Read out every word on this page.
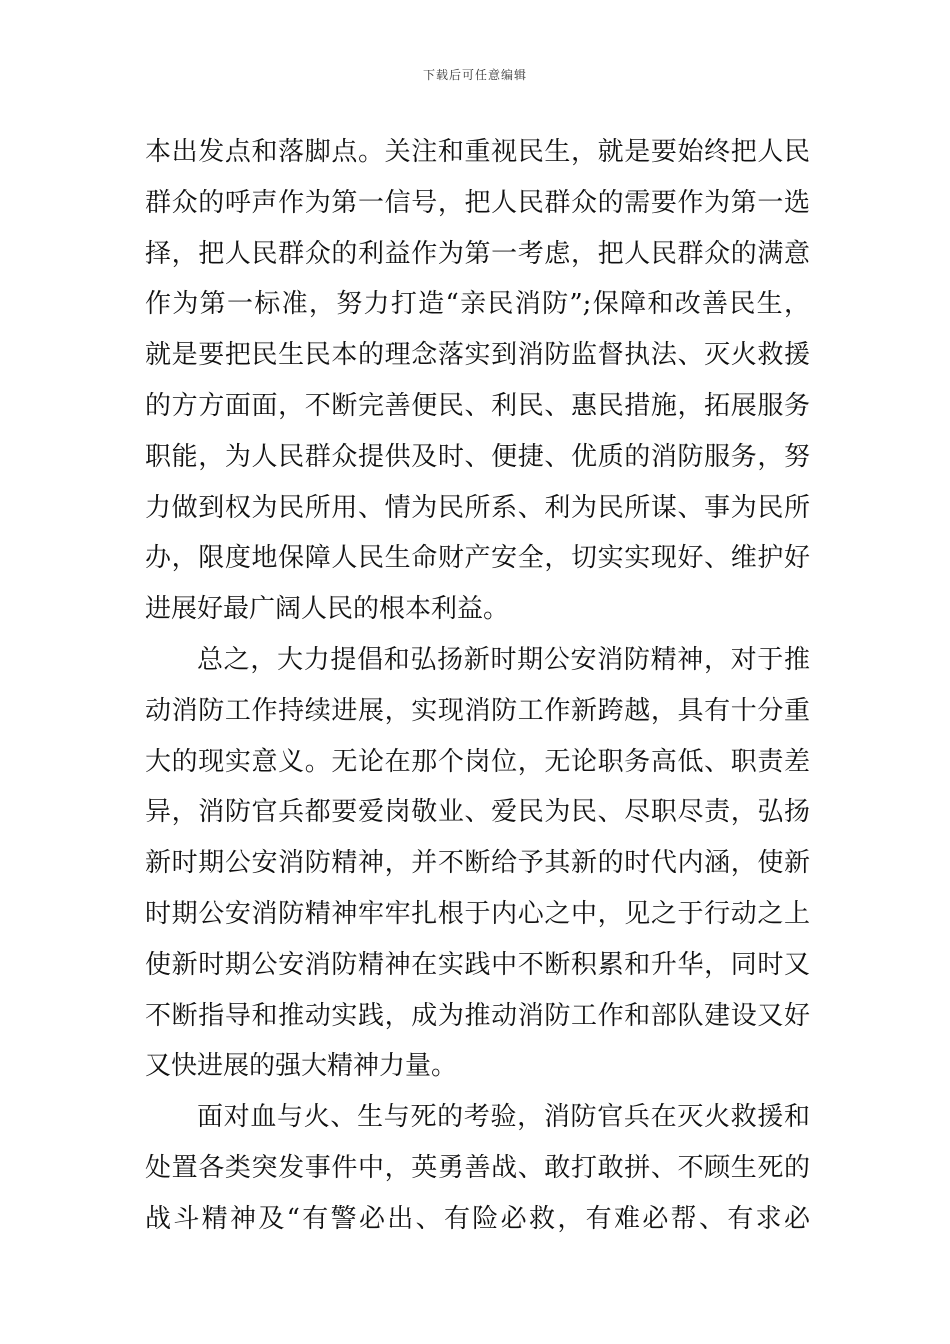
下载后可任意编辑
本出发点和落脚点。关注和重视民生，就是要始终把人民
群众的呼声作为第一信号，把人民群众的需要作为第一选
择，把人民群众的利益作为第一考虑，把人民群众的满意
作为第一标准，努力打造“亲民消防”;保障和改善民生，
就是要把民生民本的理念落实到消防监督执法、灭火救援
的方方面面，不断完善便民、利民、惠民措施，拓展服务
职能，为人民群众提供及时、便捷、优质的消防服务，努
力做到权为民所用、情为民所系、利为民所谋、事为民所
办，限度地保障人民生命财产安全，切实实现好、维护好
进展好最广阔人民的根本利益。
总之，大力提倡和弘扬新时期公安消防精神，对于推
动消防工作持续进展，实现消防工作新跨越，具有十分重
大的现实意义。无论在那个岗位，无论职务高低、职责差
异，消防官兵都要爱岗敬业、爱民为民、尽职尽责，弘扬
新时期公安消防精神，并不断给予其新的时代内涵，使新
时期公安消防精神牢牢扎根于内心之中，见之于行动之上
使新时期公安消防精神在实践中不断积累和升华，同时又
不断指导和推动实践，成为推动消防工作和部队建设又好
又快进展的强大精神力量。
面对血与火、生与死的考验，消防官兵在灭火救援和
处置各类突发事件中，英勇善战、敢打敢拼、不顾生死的
战斗精神及“有警必出、有险必救，有难必帮、有求必
